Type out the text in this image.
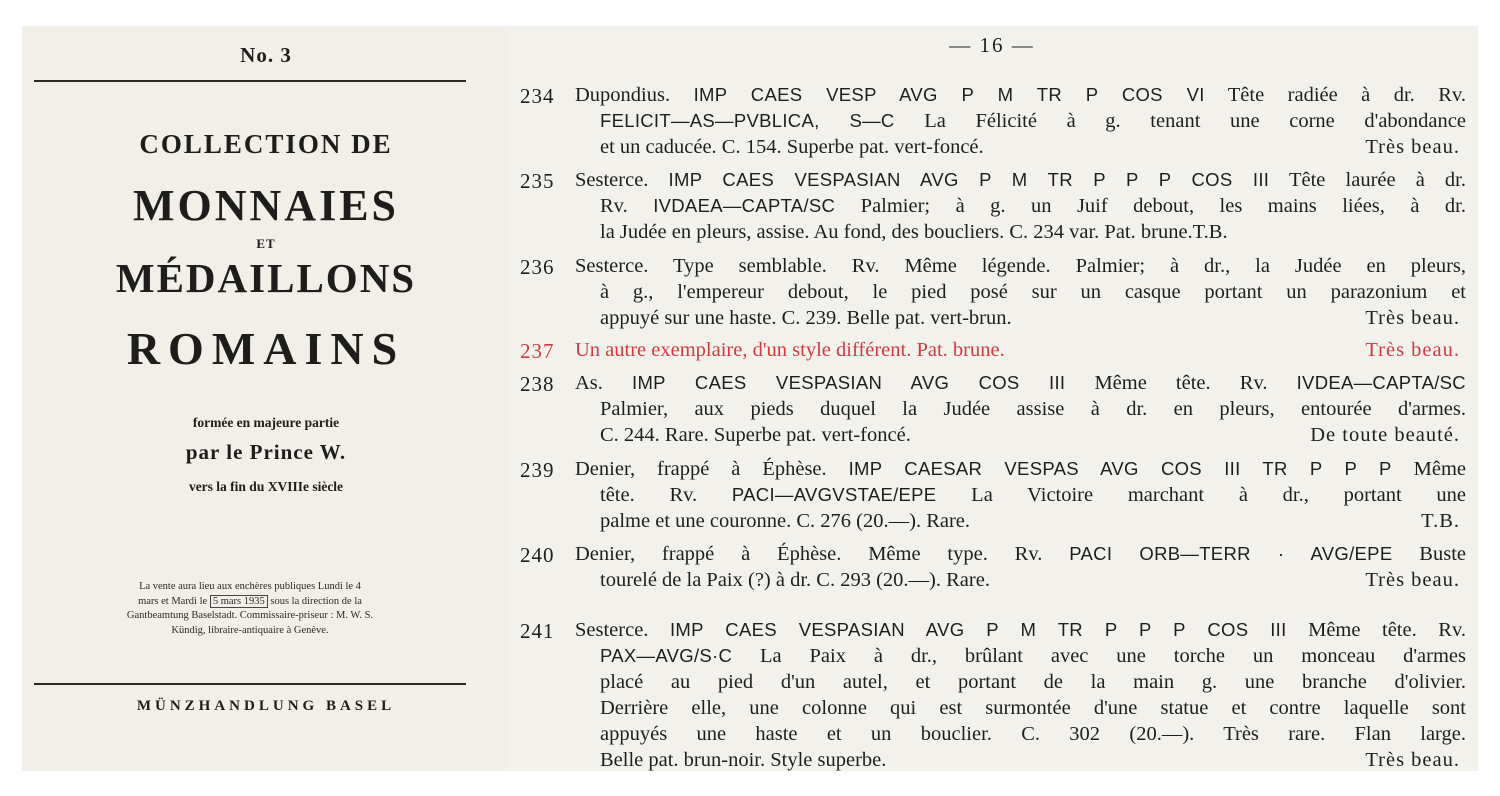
No. 3
COLLECTION DE
MONNAIES
ET
MÉDAILLONS
ROMAINS
formée en majeure partie
par le Prince W.
vers la fin du XVIIIe siècle
La vente aura lieu aux enchères publiques Lundi le 4
mars et Mardi le 5 mars 1935 sous la direction de la
Gantbeamtung Baselstadt. Commissaire-priseur : M. W. S.
Kündig, libraire-antiquaire à Genève.
MÜNZHANDLUNG BASEL
— 16 —
234 Dupondius. IMP CAES VESP AVG P M TR P COS VI Tête radiée à dr. Rv.
FELICIT—AS—PVBLICA, S—C La Félicité à g. tenant une corne d'abondance
et un caducée. C. 154. Superbe pat. vert-foncé.	Très beau.
235 Sesterce. IMP CAES VESPASIAN AVG P M TR P P P COS III Tête laurée à dr.
Rv. IVDAEA—CAPTA/SC Palmier; à g. un Juif debout, les mains liées, à dr.
la Judée en pleurs, assise. Au fond, des boucliers. C. 234 var. Pat. brune.T.B.
236 Sesterce. Type semblable. Rv. Même légende. Palmier; à dr., la Judée en pleurs,
à g., l'empereur debout, le pied posé sur un casque portant un parazonium et
appuyé sur une haste. C. 239. Belle pat. vert-brun.	Très beau.
237 Un autre exemplaire, d'un style différent. Pat. brune.	Très beau.
238 As. IMP CAES VESPASIAN AVG COS III Même tête. Rv. IVDEA—CAPTA/SC
Palmier, aux pieds duquel la Judée assise à dr. en pleurs, entourée d'armes.
C. 244. Rare. Superbe pat. vert-foncé.	De toute beauté.
239 Denier, frappé à Éphèse. IMP CAESAR VESPAS AVG COS III TR P P P Même
tête. Rv. PACI—AVGVSTAE/EPE La Victoire marchant à dr., portant une
palme et une couronne. C. 276 (20.—). Rare.	T.B.
240 Denier, frappé à Éphèse. Même type. Rv. PACI ORB—TERR · AVG/EPE Buste
tourelé de la Paix (?) à dr. C. 293 (20.—). Rare.	Très beau.
241 Sesterce. IMP CAES VESPASIAN AVG P M TR P P P COS III Même tête. Rv.
PAX—AVG/S·C La Paix à dr., brûlant avec une torche un monceau d'armes
placé au pied d'un autel, et portant de la main g. une branche d'olivier.
Derrière elle, une colonne qui est surmontée d'une statue et contre laquelle sont
appuyés une haste et un bouclier. C. 302 (20.—). Très rare. Flan large.
Belle pat. brun-noir. Style superbe.	Très beau.
